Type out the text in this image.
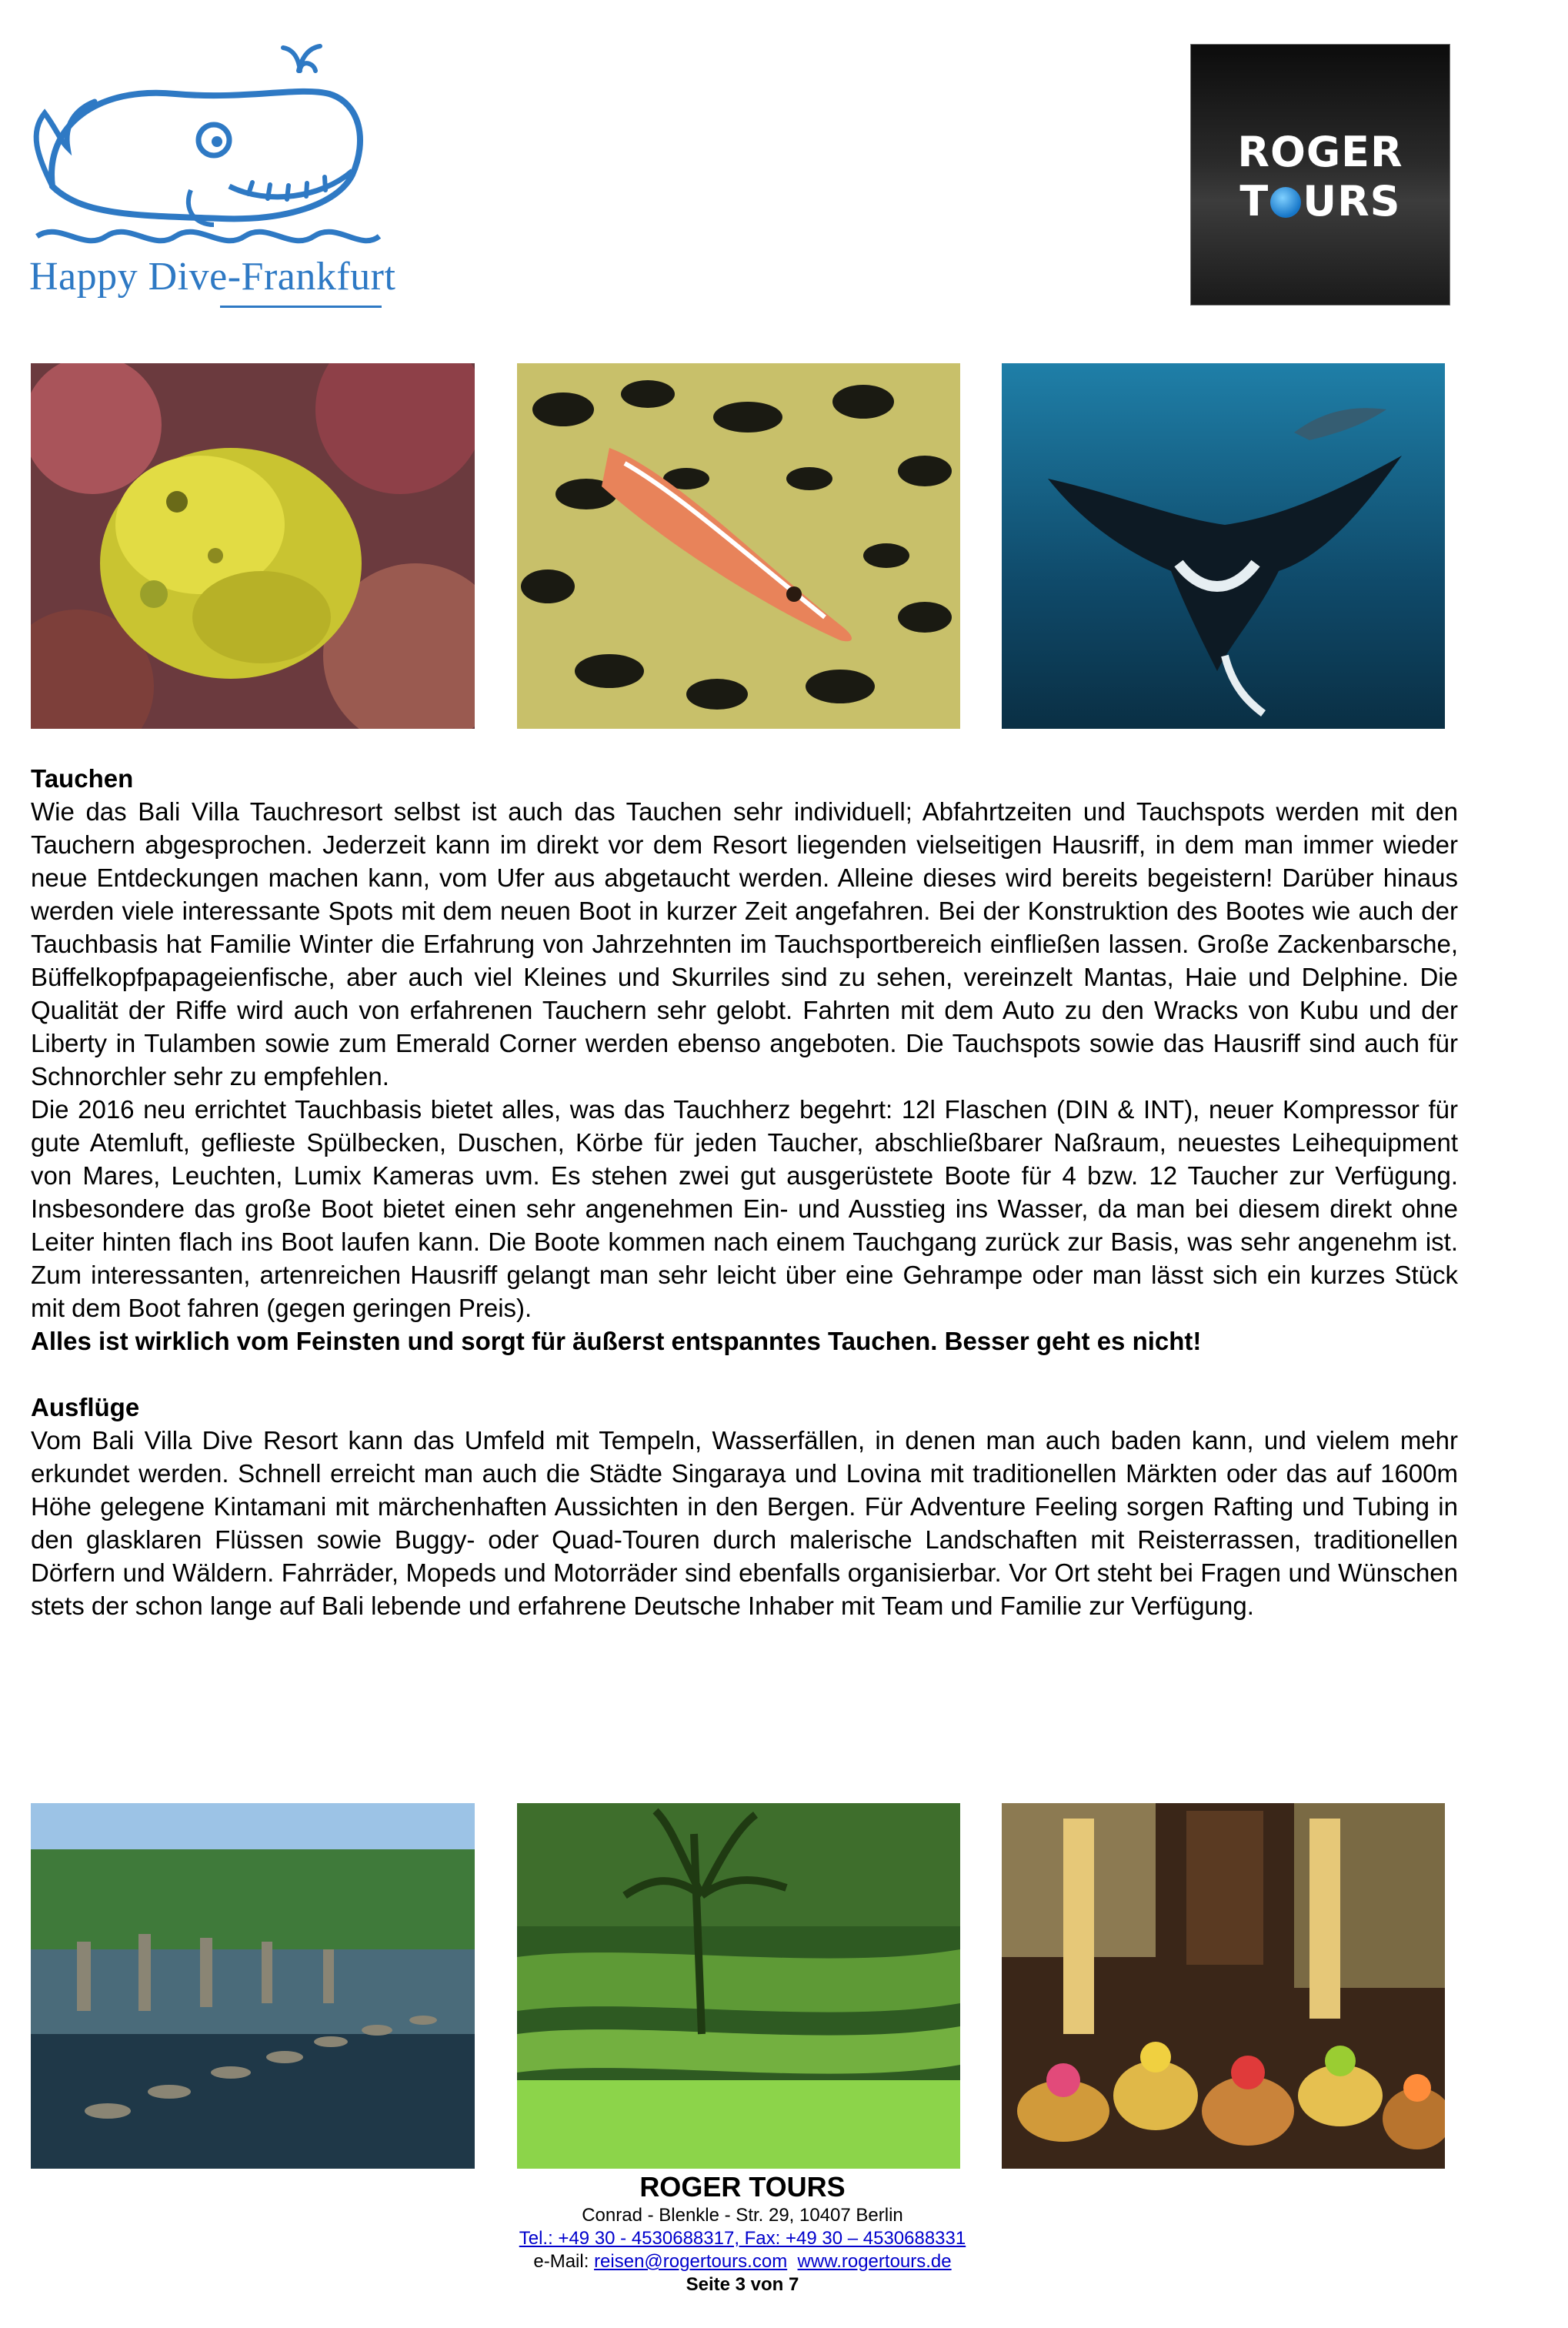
Happy Dive-Frankfurt
ROGER
T URS
Tauchen

Wie das Bali Villa Tauchresort selbst ist auch das Tauchen sehr individuell; Abfahrtzeiten und Tauchspots werden mit den Tauchern abgesprochen. Jederzeit kann im direkt vor dem Resort liegenden vielseitigen Hausriff, in dem man immer wieder neue Entdeckungen machen kann, vom Ufer aus abgetaucht werden. Alleine dieses wird bereits begeistern! Darüber hinaus werden viele interessante Spots mit dem neuen Boot in kurzer Zeit angefahren. Bei der Konstruktion des Bootes wie auch der Tauchbasis hat Familie Winter die Erfahrung von Jahrzehnten im Tauchsportbereich einfließen lassen. Große Zackenbarsche, Büffelkopfpapageienfische, aber auch viel Kleines und Skurriles sind zu sehen, vereinzelt Mantas, Haie und Delphine. Die Qualität der Riffe wird auch von erfahrenen Tauchern sehr gelobt. Fahrten mit dem Auto zu den Wracks von Kubu und der Liberty in Tulamben sowie zum Emerald Corner werden ebenso angeboten. Die Tauchspots sowie das Hausriff sind auch für Schnorchler sehr zu empfehlen.

Die 2016 neu errichtet Tauchbasis bietet alles, was das Tauchherz begehrt: 12l Flaschen (DIN & INT), neuer Kompressor für gute Atemluft, geflieste Spülbecken, Duschen, Körbe für jeden Taucher, abschließbarer Naßraum, neuestes Leihequipment von Mares, Leuchten, Lumix Kameras uvm. Es stehen zwei gut ausgerüstete Boote für 4 bzw. 12 Taucher zur Verfügung. Insbesondere das große Boot bietet einen sehr angenehmen Ein- und Ausstieg ins Wasser, da man bei diesem direkt ohne Leiter hinten flach ins Boot laufen kann. Die Boote kommen nach einem Tauchgang zurück zur Basis, was sehr angenehm ist. Zum interessanten, artenreichen Hausriff gelangt man sehr leicht über eine Gehrampe oder man lässt sich ein kurzes Stück mit dem Boot fahren (gegen geringen Preis).

Alles ist wirklich vom Feinsten und sorgt für äußerst entspanntes Tauchen. Besser geht es nicht!

Ausflüge

Vom Bali Villa Dive Resort kann das Umfeld mit Tempeln, Wasserfällen, in denen man auch baden kann, und vielem mehr erkundet werden. Schnell erreicht man auch die Städte Singaraya und Lovina mit traditionellen Märkten oder das auf 1600m Höhe gelegene Kintamani mit märchenhaften Aussichten in den Bergen. Für Adventure Feeling sorgen Rafting und Tubing in den glasklaren Flüssen sowie Buggy- oder Quad-Touren durch malerische Landschaften mit Reisterrassen, traditionellen Dörfern und Wäldern. Fahrräder, Mopeds und Motorräder sind ebenfalls organisierbar. Vor Ort steht bei Fragen und Wünschen stets der schon lange auf Bali lebende und erfahrene Deutsche Inhaber mit Team und Familie zur Verfügung.

ROGER TOURS
Conrad - Blenkle - Str. 29, 10407 Berlin
Tel.: +49 30 - 4530688317, Fax: +49 30 – 4530688331
e-Mail: reisen@rogertours.com www.rogertours.de
Seite 3 von 7
